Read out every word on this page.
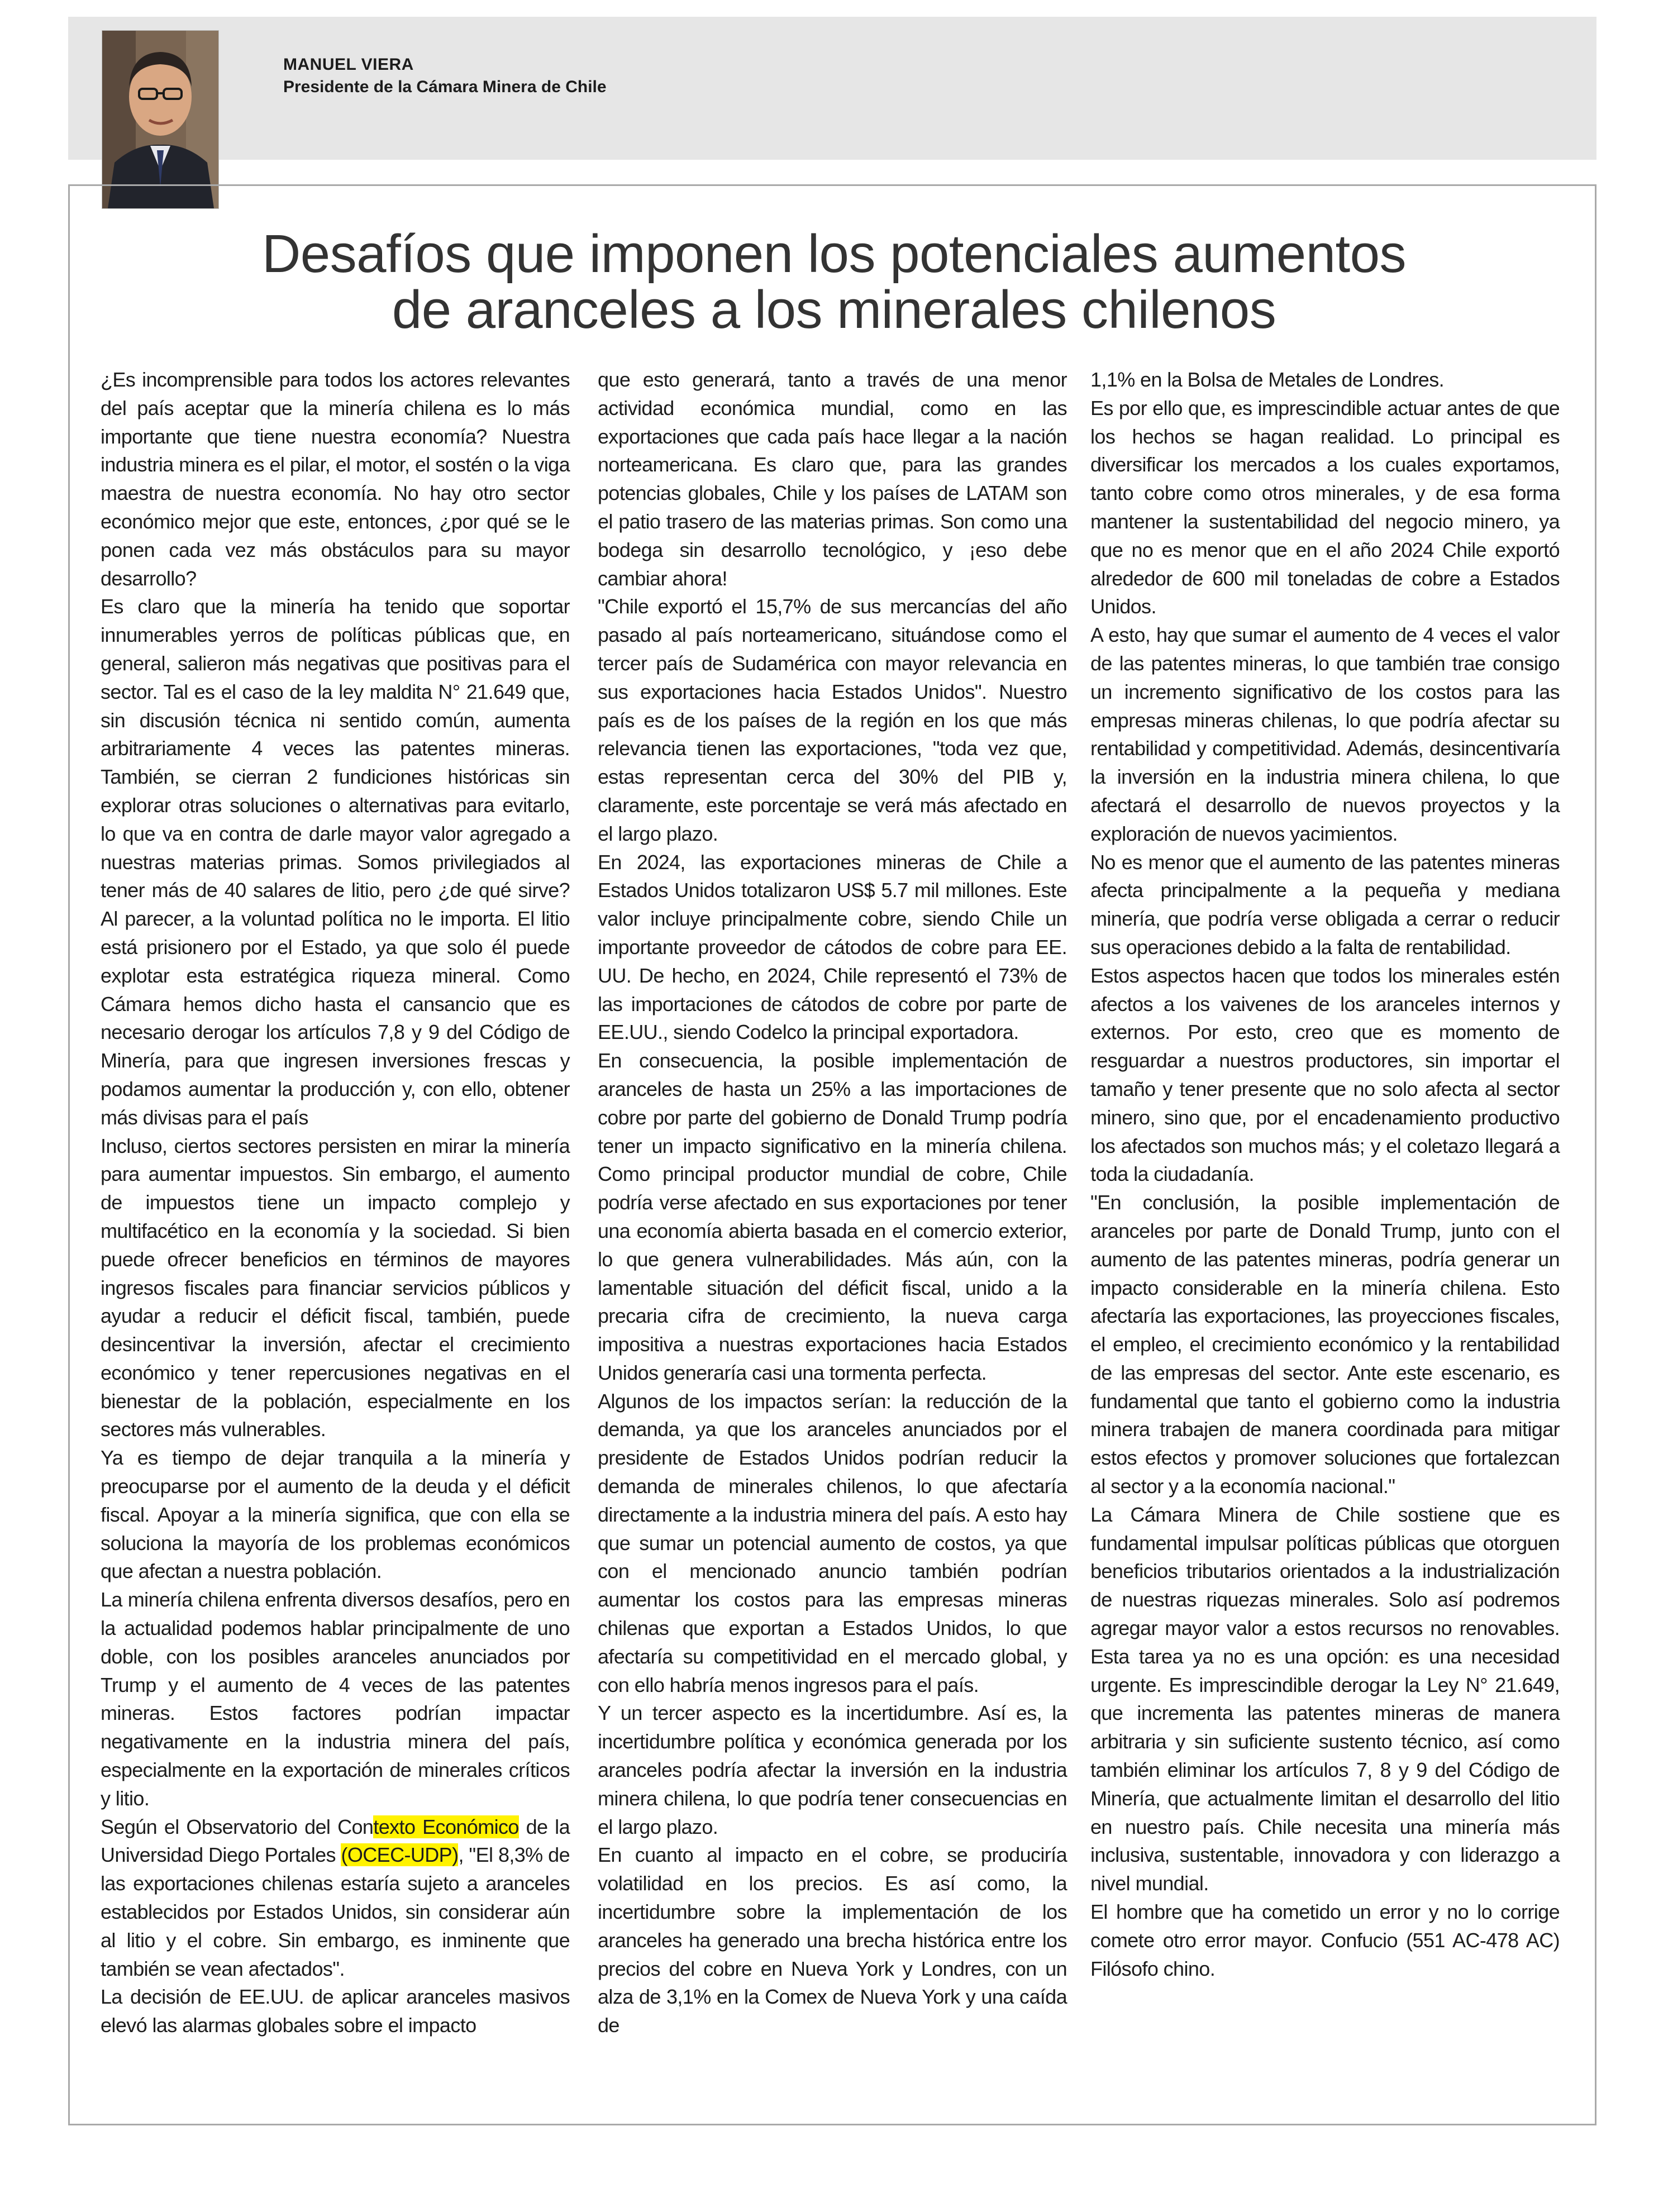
MANUEL VIERA
Presidente de la Cámara Minera de Chile
Desafíos que imponen los potenciales aumentos
de aranceles a los minerales chilenos

¿Es incomprensible para todos los actores relevantes del país aceptar que la minería chilena es lo más importante que tiene nuestra economía? Nuestra industria minera es el pilar, el motor, el sostén o la viga maestra de nuestra economía. No hay otro sector económico mejor que este, entonces, ¿por qué se le ponen cada vez más obstáculos para su mayor desarrollo?

Es claro que la minería ha tenido que soportar innumerables yerros de políticas públicas que, en general, salieron más negativas que positivas para el sector. Tal es el caso de la ley maldita N° 21.649 que, sin discusión técnica ni sentido común, aumenta arbitrariamente 4 veces las patentes mineras. También, se cierran 2 fundiciones históricas sin explorar otras soluciones o alternativas para evitarlo, lo que va en contra de darle mayor valor agregado a nuestras materias primas. Somos privilegiados al tener más de 40 salares de litio, pero ¿de qué sirve? Al parecer, a la voluntad política no le importa. El litio está prisionero por el Estado, ya que solo él puede explotar esta estratégica riqueza mineral. Como Cámara hemos dicho hasta el cansancio que es necesario derogar los artículos 7,8 y 9 del Código de Minería, para que ingresen inversiones frescas y podamos aumentar la producción y, con ello, obtener más divisas para el país

Incluso, ciertos sectores persisten en mirar la minería para aumentar impuestos. Sin embargo, el aumento de impuestos tiene un impacto complejo y multifacético en la economía y la sociedad. Si bien puede ofrecer beneficios en términos de mayores ingresos fiscales para financiar servicios públicos y ayudar a reducir el déficit fiscal, también, puede desincentivar la inversión, afectar el crecimiento económico y tener repercusiones negativas en el bienestar de la población, especialmente en los sectores más vulnerables.

Ya es tiempo de dejar tranquila a la minería y preocuparse por el aumento de la deuda y el déficit fiscal. Apoyar a la minería significa, que con ella se soluciona la mayoría de los problemas económicos que afectan a nuestra población.

La minería chilena enfrenta diversos desafíos, pero en la actualidad podemos hablar principalmente de uno doble, con los posibles aranceles anunciados por Trump y el aumento de 4 veces de las patentes mineras. Estos factores podrían impactar negativamente en la industria minera del país, especialmente en la exportación de minerales críticos y litio.

Según el Observatorio del Contexto Económico de la Universidad Diego Portales (OCEC-UDP), "El 8,3% de las exportaciones chilenas estaría sujeto a aranceles establecidos por Estados Unidos, sin considerar aún al litio y el cobre. Sin embargo, es inminente que también se vean afectados".

La decisión de EE.UU. de aplicar aranceles masivos elevó las alarmas globales sobre el impacto

que esto generará, tanto a través de una menor actividad económica mundial, como en las exportaciones que cada país hace llegar a la nación norteamericana. Es claro que, para las grandes potencias globales, Chile y los países de LATAM son el patio trasero de las materias primas. Son como una bodega sin desarrollo tecnológico, y ¡eso debe cambiar ahora!

"Chile exportó el 15,7% de sus mercancías del año pasado al país norteamericano, situándose como el tercer país de Sudamérica con mayor relevancia en sus exportaciones hacia Estados Unidos". Nuestro país es de los países de la región en los que más relevancia tienen las exportaciones, "toda vez que, estas representan cerca del 30% del PIB y, claramente, este porcentaje se verá más afectado en el largo plazo.

En 2024, las exportaciones mineras de Chile a Estados Unidos totalizaron US$ 5.7 mil millones. Este valor incluye principalmente cobre, siendo Chile un importante proveedor de cátodos de cobre para EE. UU. De hecho, en 2024, Chile representó el 73% de las importaciones de cátodos de cobre por parte de EE.UU., siendo Codelco la principal exportadora.

En consecuencia, la posible implementación de aranceles de hasta un 25% a las importaciones de cobre por parte del gobierno de Donald Trump podría tener un impacto significativo en la minería chilena. Como principal productor mundial de cobre, Chile podría verse afectado en sus exportaciones por tener una economía abierta basada en el comercio exterior, lo que genera vulnerabilidades. Más aún, con la lamentable situación del déficit fiscal, unido a la precaria cifra de crecimiento, la nueva carga impositiva a nuestras exportaciones hacia Estados Unidos generaría casi una tormenta perfecta.

Algunos de los impactos serían: la reducción de la demanda, ya que los aranceles anunciados por el presidente de Estados Unidos podrían reducir la demanda de minerales chilenos, lo que afectaría directamente a la industria minera del país. A esto hay que sumar un potencial aumento de costos, ya que con el mencionado anuncio también podrían aumentar los costos para las empresas mineras chilenas que exportan a Estados Unidos, lo que afectaría su competitividad en el mercado global, y con ello habría menos ingresos para el país.

Y un tercer aspecto es la incertidumbre. Así es, la incertidumbre política y económica generada por los aranceles podría afectar la inversión en la industria minera chilena, lo que podría tener consecuencias en el largo plazo.

En cuanto al impacto en el cobre, se produciría volatilidad en los precios. Es así como, la incertidumbre sobre la implementación de los aranceles ha generado una brecha histórica entre los precios del cobre en Nueva York y Londres, con un alza de 3,1% en la Comex de Nueva York y una caída de

1,1% en la Bolsa de Metales de Londres.

Es por ello que, es imprescindible actuar antes de que los hechos se hagan realidad. Lo principal es diversificar los mercados a los cuales exportamos, tanto cobre como otros minerales, y de esa forma mantener la sustentabilidad del negocio minero, ya que no es menor que en el año 2024 Chile exportó alrededor de 600 mil toneladas de cobre a Estados Unidos.

A esto, hay que sumar el aumento de 4 veces el valor de las patentes mineras, lo que también trae consigo un incremento significativo de los costos para las empresas mineras chilenas, lo que podría afectar su rentabilidad y competitividad. Además, desincentivaría la inversión en la industria minera chilena, lo que afectará el desarrollo de nuevos proyectos y la exploración de nuevos yacimientos.

No es menor que el aumento de las patentes mineras afecta principalmente a la pequeña y mediana minería, que podría verse obligada a cerrar o reducir sus operaciones debido a la falta de rentabilidad.

Estos aspectos hacen que todos los minerales estén afectos a los vaivenes de los aranceles internos y externos. Por esto, creo que es momento de resguardar a nuestros productores, sin importar el tamaño y tener presente que no solo afecta al sector minero, sino que, por el encadenamiento productivo los afectados son muchos más; y el coletazo llegará a toda la ciudadanía.

"En conclusión, la posible implementación de aranceles por parte de Donald Trump, junto con el aumento de las patentes mineras, podría generar un impacto considerable en la minería chilena. Esto afectaría las exportaciones, las proyecciones fiscales, el empleo, el crecimiento económico y la rentabilidad de las empresas del sector. Ante este escenario, es fundamental que tanto el gobierno como la industria minera trabajen de manera coordinada para mitigar estos efectos y promover soluciones que fortalezcan al sector y a la economía nacional."

La Cámara Minera de Chile sostiene que es fundamental impulsar políticas públicas que otorguen beneficios tributarios orientados a la industrialización de nuestras riquezas minerales. Solo así podremos agregar mayor valor a estos recursos no renovables. Esta tarea ya no es una opción: es una necesidad urgente. Es imprescindible derogar la Ley N° 21.649, que incrementa las patentes mineras de manera arbitraria y sin suficiente sustento técnico, así como también eliminar los artículos 7, 8 y 9 del Código de Minería, que actualmente limitan el desarrollo del litio en nuestro país. Chile necesita una minería más inclusiva, sustentable, innovadora y con liderazgo a nivel mundial.

El hombre que ha cometido un error y no lo corrige comete otro error mayor. Confucio (551 AC-478 AC) Filósofo chino.
